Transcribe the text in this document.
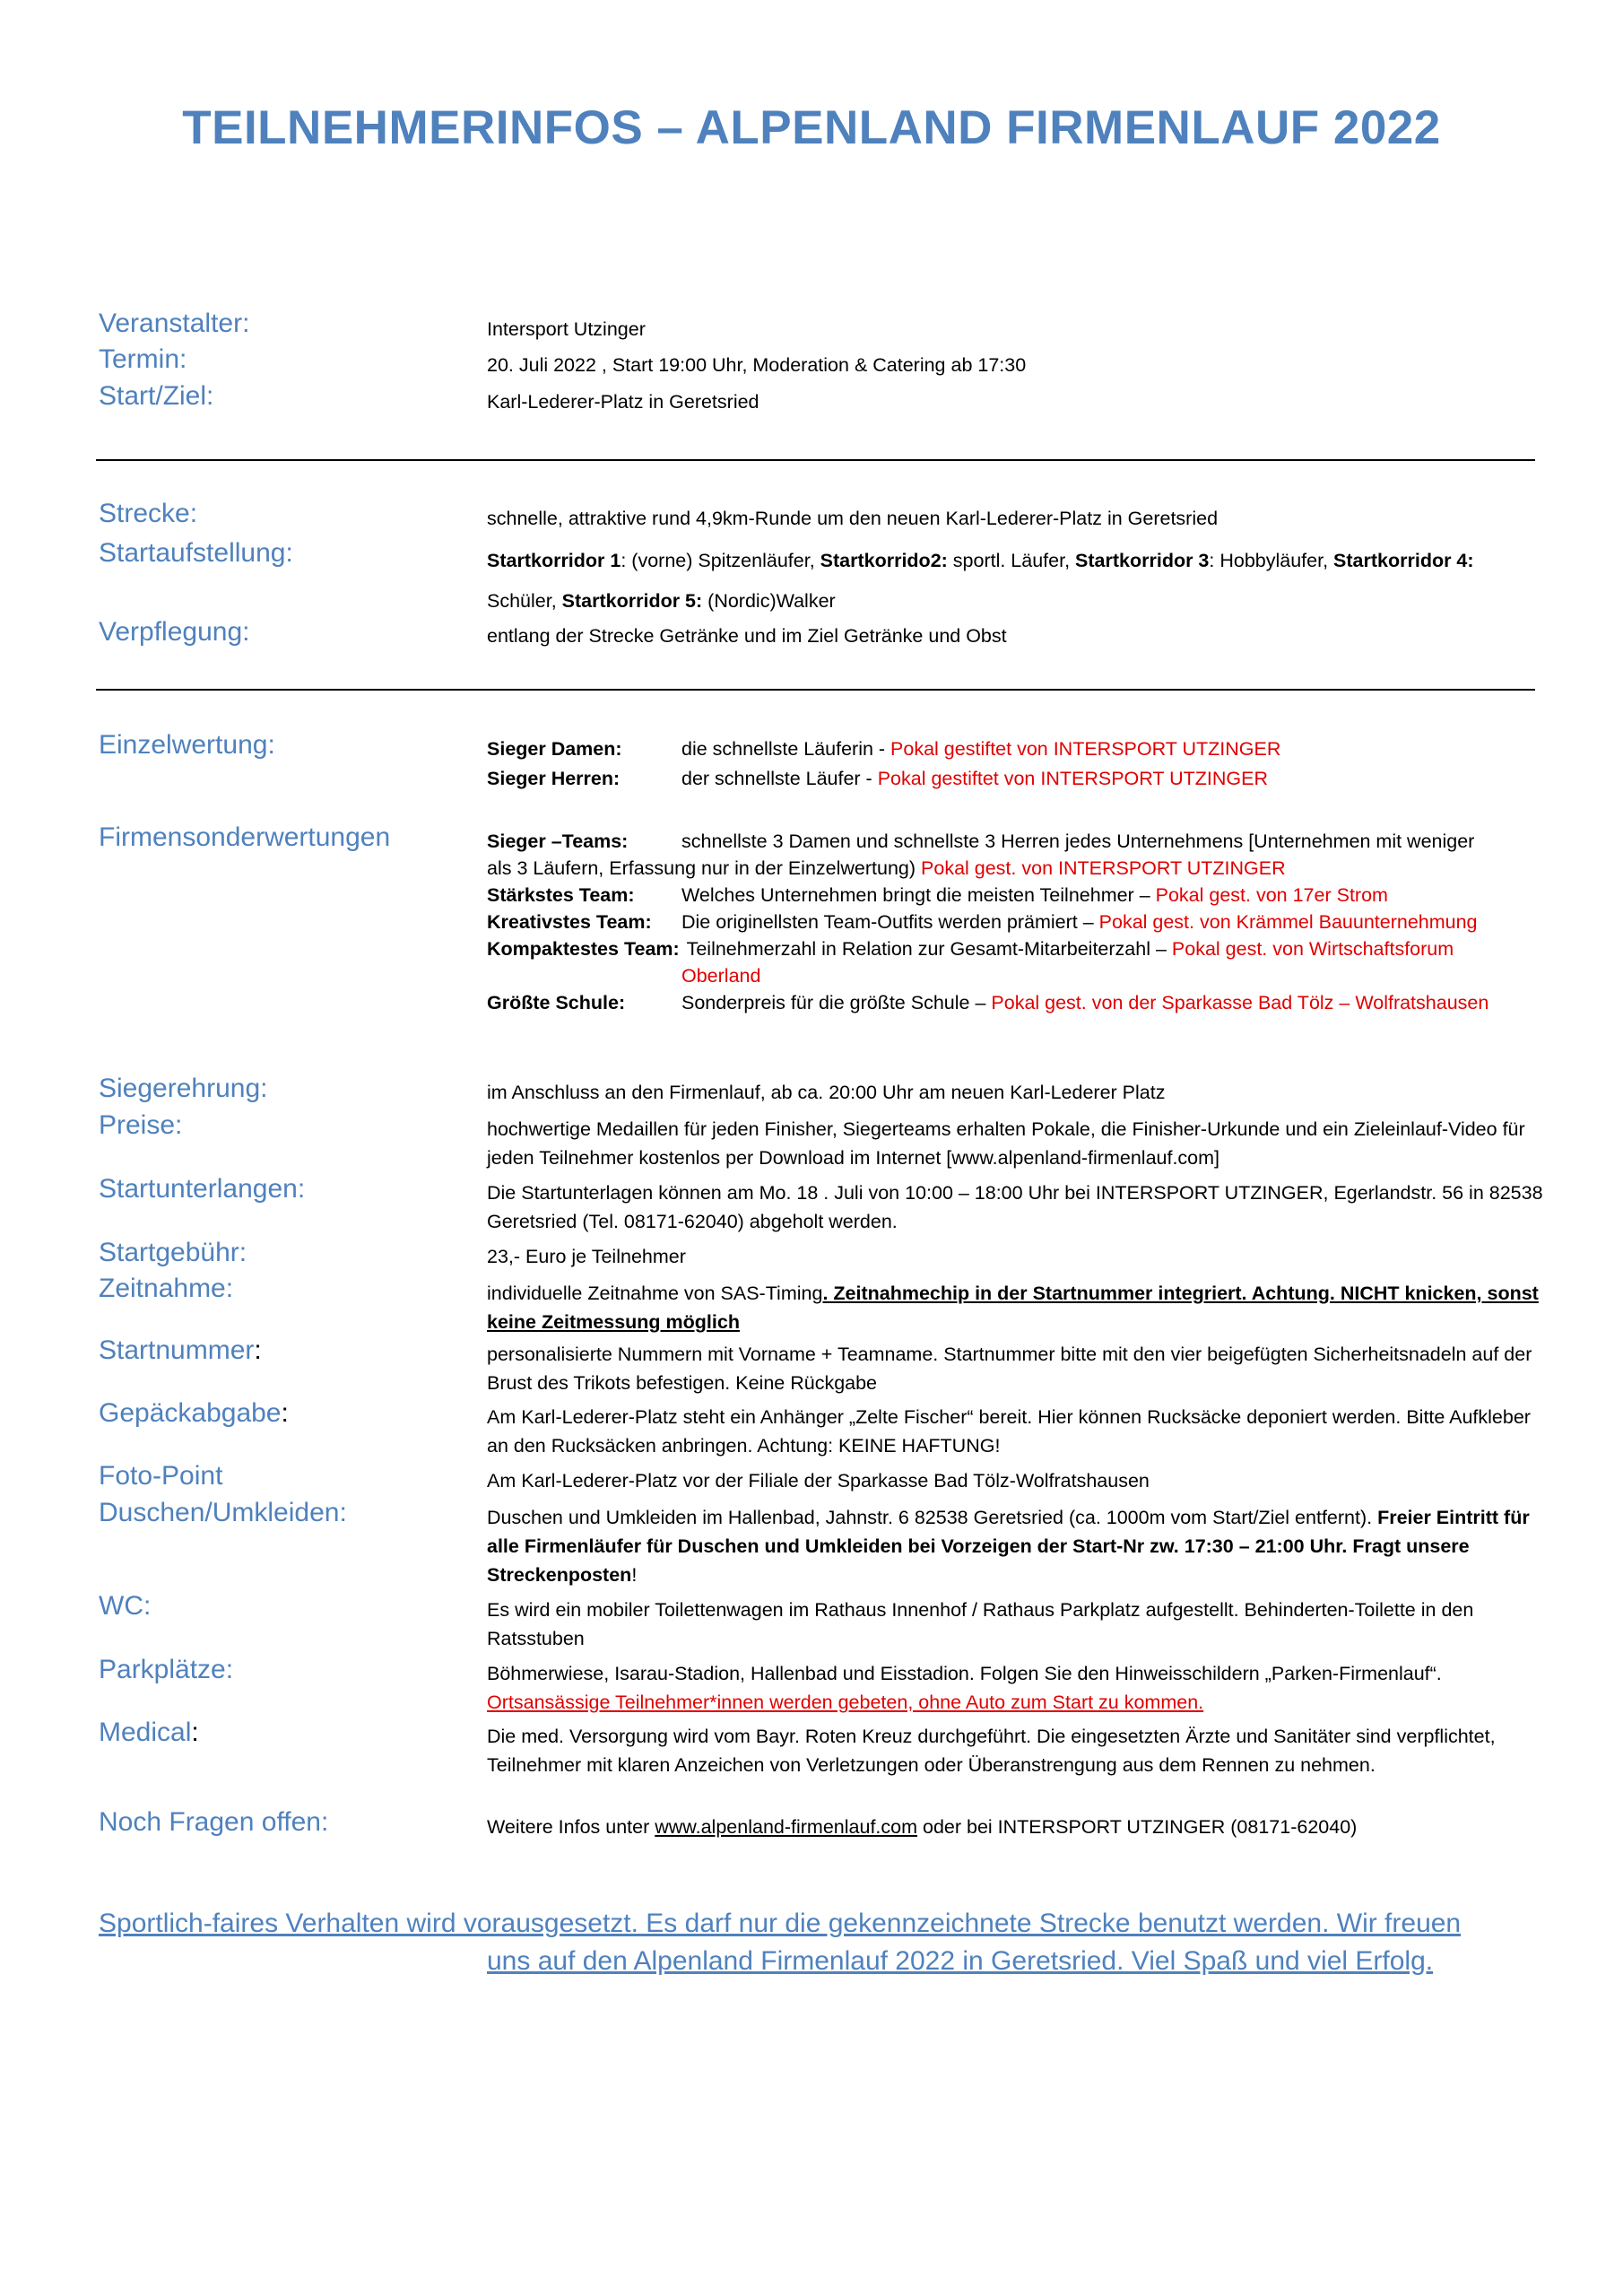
TEILNEHMERINFOS – ALPENLAND FIRMENLAUF 2022
Veranstalter:	Intersport Utzinger
Termin:	20. Juli 2022 , Start 19:00 Uhr, Moderation & Catering ab 17:30
Start/Ziel:	Karl-Lederer-Platz in Geretsried
Strecke:	schnelle, attraktive rund 4,9km-Runde um den neuen Karl-Lederer-Platz in Geretsried
Startaufstellung:	Startkorridor 1: (vorne) Spitzenläufer, Startkorrido2: sportl. Läufer, Startkorridor 3: Hobbyläufer, Startkorridor 4:
Schüler, Startkorridor 5: (Nordic)Walker
Verpflegung:	entlang der Strecke Getränke und im Ziel Getränke und Obst
Einzelwertung:	Sieger Damen:	die schnellste Läuferin - Pokal gestiftet von INTERSPORT UTZINGER
Sieger Herren:	der schnellste Läufer - Pokal gestiftet von INTERSPORT UTZINGER
Firmensonderwertungen	Sieger –Teams:	schnellste 3 Damen und schnellste 3 Herren jedes Unternehmens [Unternehmen mit weniger
als 3 Läufern, Erfassung nur in der Einzelwertung) Pokal gest. von INTERSPORT UTZINGER
Stärkstes Team: Welches Unternehmen bringt die meisten Teilnehmer – Pokal gest. von 17er Strom
Kreativstes Team: Die originellsten Team-Outfits werden prämiert – Pokal gest. von Krämmel Bauunternehmung
Kompaktestes Team: Teilnehmerzahl in Relation zur Gesamt-Mitarbeiterzahl – Pokal gest. von Wirtschaftsforum
Oberland
Größte Schule:	Sonderpreis für die größte Schule – Pokal gest. von der Sparkasse Bad Tölz – Wolfratshausen
Siegerehrung:	im Anschluss an den Firmenlauf, ab ca. 20:00 Uhr am neuen Karl-Lederer Platz
Preise:	hochwertige Medaillen für jeden Finisher, Siegerteams erhalten Pokale, die Finisher-Urkunde und ein Zieleinlauf-Video für jeden Teilnehmer kostenlos per Download im Internet [www.alpenland-firmenlauf.com]
Startunterlangen:	Die Startunterlagen können am Mo. 18 . Juli von 10:00 – 18:00 Uhr bei INTERSPORT UTZINGER, Egerlandstr. 56 in 82538 Geretsried (Tel. 08171-62040) abgeholt werden.
Startgebühr:	23,- Euro je Teilnehmer
Zeitnahme:	individuelle Zeitnahme von SAS-Timing. Zeitnahmechip in der Startnummer integriert. Achtung. NICHT knicken, sonst keine Zeitmessung möglich
Startnummer:	personalisierte Nummern mit Vorname + Teamname. Startnummer bitte mit den vier beigefügten Sicherheitsnadeln auf der Brust des Trikots befestigen. Keine Rückgabe
Gepäckabgabe:	Am Karl-Lederer-Platz steht ein Anhänger „Zelte Fischer“ bereit. Hier können Rucksäcke deponiert werden. Bitte Aufkleber an den Rucksäcken anbringen. Achtung: KEINE HAFTUNG!
Foto-Point	Am Karl-Lederer-Platz vor der Filiale der Sparkasse Bad Tölz-Wolfratshausen
Duschen/Umkleiden:	Duschen und Umkleiden im Hallenbad, Jahnstr. 6 82538 Geretsried (ca. 1000m vom Start/Ziel entfernt). Freier Eintritt für alle Firmenläufer für Duschen und Umkleiden bei Vorzeigen der Start-Nr zw. 17:30 – 21:00 Uhr. Fragt unsere Streckenposten!
WC:	Es wird ein mobiler Toilettenwagen im Rathaus Innenhof / Rathaus Parkplatz aufgestellt. Behinderten-Toilette in den Ratsstuben
Parkplätze:	Böhmerwiese, Isarau-Stadion, Hallenbad und Eisstadion. Folgen Sie den Hinweisschildern „Parken-Firmenlauf“.
Ortsansässige Teilnehmer*innen werden gebeten, ohne Auto zum Start zu kommen.
Medical:	Die med. Versorgung wird vom Bayr. Roten Kreuz durchgeführt. Die eingesetzten Ärzte und Sanitäter sind verpflichtet, Teilnehmer mit klaren Anzeichen von Verletzungen oder Überanstrengung aus dem Rennen zu nehmen.
Noch Fragen offen:	Weitere Infos unter www.alpenland-firmenlauf.com oder bei INTERSPORT UTZINGER (08171-62040)
Sportlich-faires Verhalten wird vorausgesetzt. Es darf nur die gekennzeichnete Strecke benutzt werden. Wir freuen
uns auf den Alpenland Firmenlauf 2022 in Geretsried. Viel Spaß und viel Erfolg.
